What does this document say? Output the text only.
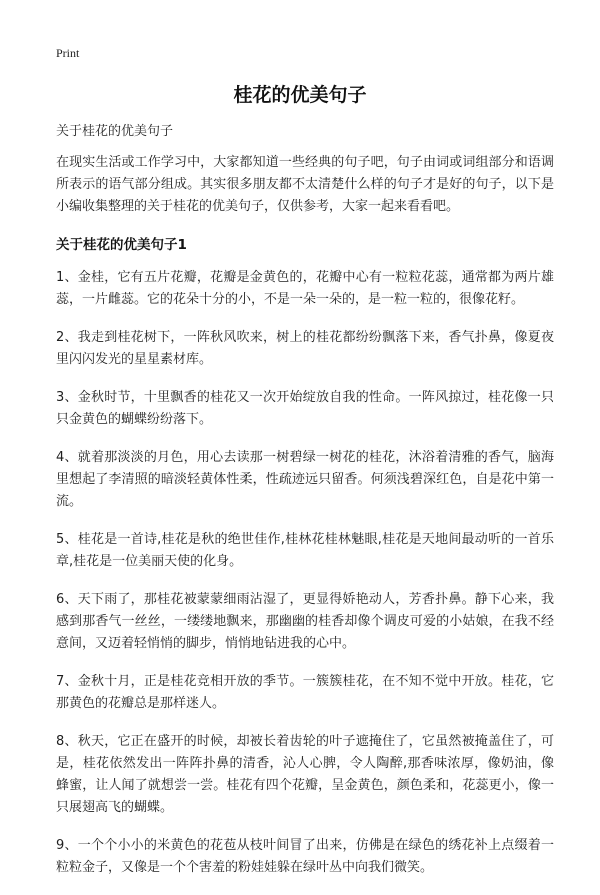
Print
桂花的优美句子

关于桂花的优美句子

在现实生活或工作学习中，大家都知道一些经典的句子吧，句子由词或词组部分和语调所表示的语气部分组成。其实很多朋友都不太清楚什么样的句子才是好的句子，以下是小编收集整理的关于桂花的优美句子，仅供参考，大家一起来看看吧。

关于桂花的优美句子1

1、金桂，它有五片花瓣，花瓣是金黄色的，花瓣中心有一粒粒花蕊，通常都为两片雄蕊，一片雌蕊。它的花朵十分的小，不是一朵一朵的，是一粒一粒的，很像花籽。

2、我走到桂花树下，一阵秋风吹来，树上的桂花都纷纷飘落下来，香气扑鼻，像夏夜里闪闪发光的星星素材库。

3、金秋时节，十里飘香的桂花又一次开始绽放自我的性命。一阵风掠过，桂花像一只只金黄色的蝴蝶纷纷落下。

4、就着那淡淡的月色，用心去读那一树碧绿一树花的桂花，沐浴着清雅的香气，脑海里想起了李清照的暗淡轻黄体性柔，性疏迹远只留香。何须浅碧深红色，自是花中第一流。

5、桂花是一首诗,桂花是秋的绝世佳作,桂林花桂林魅眼,桂花是天地间最动听的一首乐章,桂花是一位美丽天使的化身。

6、天下雨了，那桂花被蒙蒙细雨沾湿了，更显得娇艳动人，芳香扑鼻。静下心来，我感到那香气一丝丝，一缕缕地飘来，那幽幽的桂香却像个调皮可爱的小姑娘，在我不经意间，又迈着轻悄悄的脚步，悄悄地钻进我的心中。

7、金秋十月，正是桂花竞相开放的季节。一簇簇桂花，在不知不觉中开放。桂花，它那黄色的花瓣总是那样迷人。

8、秋天，它正在盛开的时候，却被长着齿轮的叶子遮掩住了，它虽然被掩盖住了，可是，桂花依然发出一阵阵扑鼻的清香，沁人心脾，令人陶醉,那香味浓厚，像奶油，像蜂蜜，让人闻了就想尝一尝。桂花有四个花瓣，呈金黄色，颜色柔和，花蕊更小，像一只展翅高飞的蝴蝶。

9、一个个小小的米黄色的花苞从枝叶间冒了出来，仿佛是在绿色的绣花补上点缀着一粒粒金子，又像是一个个害羞的粉娃娃躲在绿叶丛中向我们微笑。
